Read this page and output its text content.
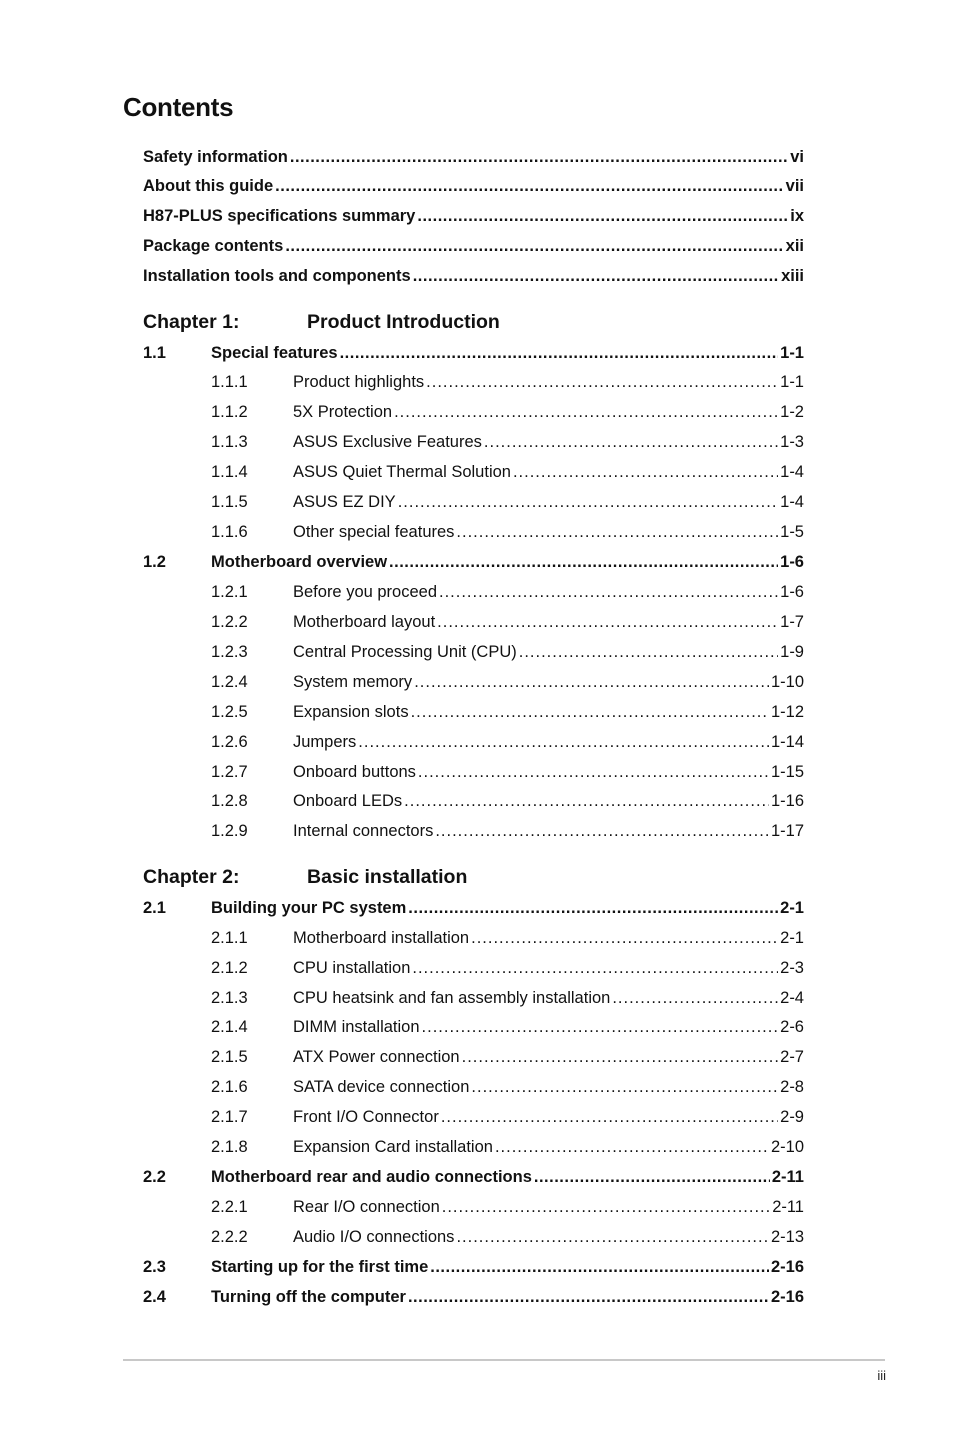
Contents
Safety information .....	vi
About this guide .....	vii
H87-PLUS specifications summary .....	ix
Package contents .....	xii
Installation tools and components .....	xiii
Chapter 1:	Product Introduction
1.1	Special features .....	1-1
1.1.1	Product highlights .....	1-1
1.1.2	5X Protection .....	1-2
1.1.3	ASUS Exclusive Features .....	1-3
1.1.4	ASUS Quiet Thermal Solution .....	1-4
1.1.5	ASUS EZ DIY .....	1-4
1.1.6	Other special features .....	1-5
1.2	Motherboard overview .....	1-6
1.2.1	Before you proceed .....	1-6
1.2.2	Motherboard layout .....	1-7
1.2.3	Central Processing Unit (CPU) .....	1-9
1.2.4	System memory .....	1-10
1.2.5	Expansion slots .....	1-12
1.2.6	Jumpers .....	1-14
1.2.7	Onboard buttons .....	1-15
1.2.8	Onboard LEDs .....	1-16
1.2.9	Internal connectors .....	1-17
Chapter 2:	Basic installation
2.1	Building your PC system .....	2-1
2.1.1	Motherboard installation .....	2-1
2.1.2	CPU installation .....	2-3
2.1.3	CPU heatsink and fan assembly installation .....	2-4
2.1.4	DIMM installation .....	2-6
2.1.5	ATX Power connection .....	2-7
2.1.6	SATA device connection .....	2-8
2.1.7	Front I/O Connector .....	2-9
2.1.8	Expansion Card installation .....	2-10
2.2	Motherboard rear and audio connections .....	2-11
2.2.1	Rear I/O connection .....	2-11
2.2.2	Audio I/O connections .....	2-13
2.3	Starting up for the first time .....	2-16
2.4	Turning off the computer .....	2-16
iii
